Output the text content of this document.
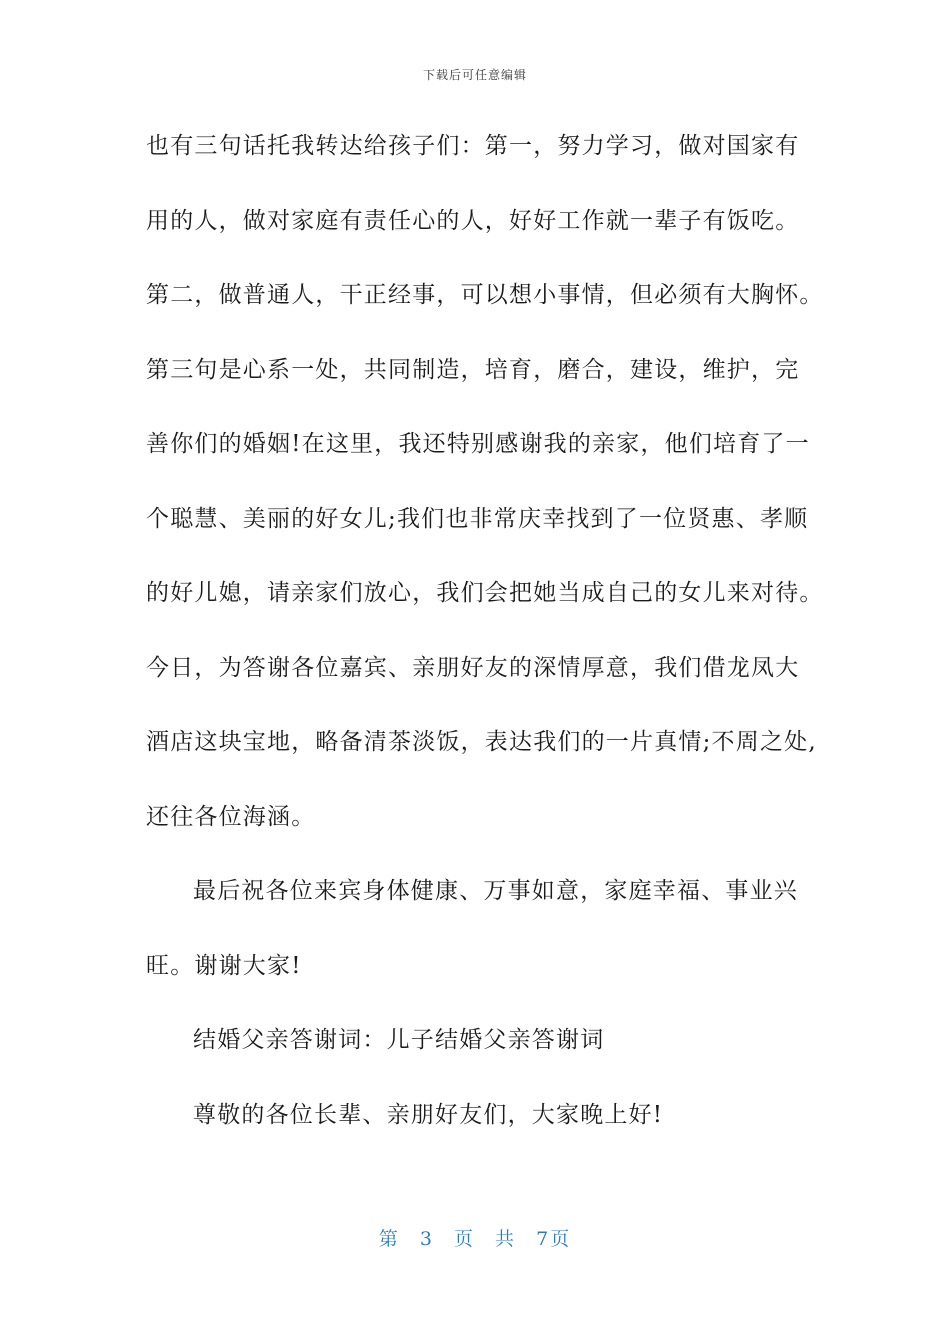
下载后可任意编辑
也有三句话托我转达给孩子们：第一，努力学习，做对国家有
用的人，做对家庭有责任心的人，好好工作就一辈子有饭吃。
第二，做普通人，干正经事，可以想小事情，但必须有大胸怀。
第三句是心系一处，共同制造，培育，磨合，建设，维护，完
善你们的婚姻!在这里，我还特别感谢我的亲家，他们培育了一
个聪慧、美丽的好女儿;我们也非常庆幸找到了一位贤惠、孝顺
的好儿媳，请亲家们放心，我们会把她当成自己的女儿来对待。
今日，为答谢各位嘉宾、亲朋好友的深情厚意，我们借龙凤大
酒店这块宝地，略备清茶淡饭，表达我们的一片真情;不周之处,
还往各位海涵。
最后祝各位来宾身体健康、万事如意，家庭幸福、事业兴
旺。谢谢大家!
结婚父亲答谢词：儿子结婚父亲答谢词
尊敬的各位长辈、亲朋好友们，大家晚上好!
第 3 页 共 7页
